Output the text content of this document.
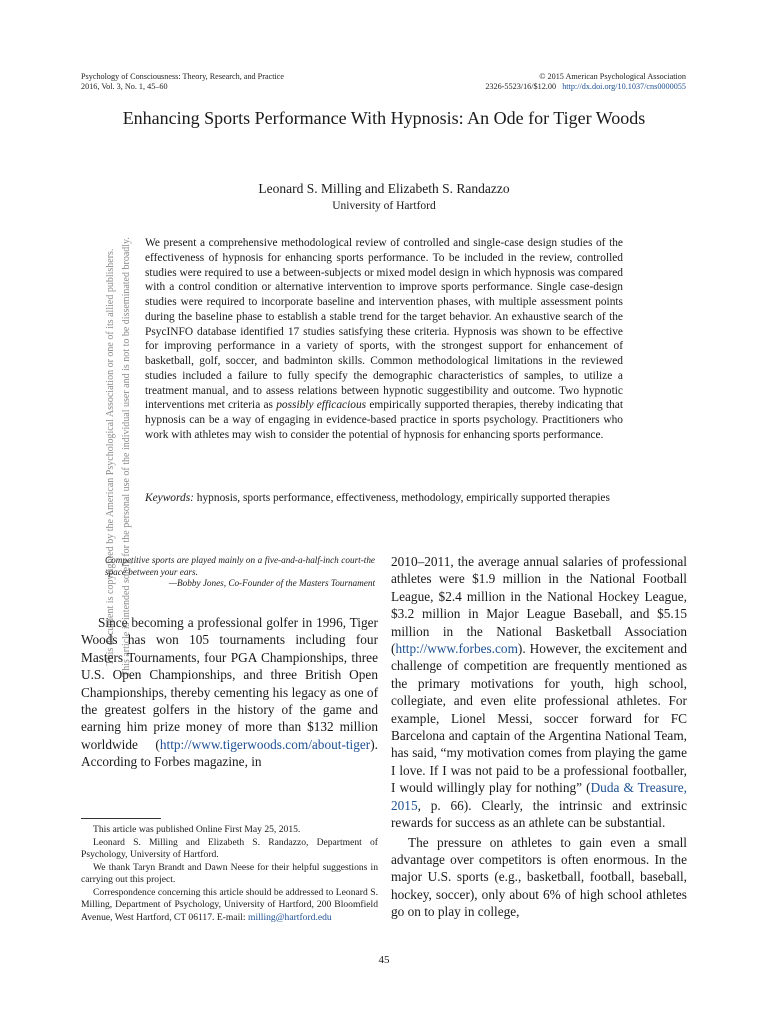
Psychology of Consciousness: Theory, Research, and Practice
2016, Vol. 3, No. 1, 45–60
© 2015 American Psychological Association
2326-5523/16/$12.00 http://dx.doi.org/10.1037/cns0000055
This document is copyrighted by the American Psychological Association or one of its allied publishers. This article is intended solely for the personal use of the individual user and is not to be disseminated broadly.
Enhancing Sports Performance With Hypnosis: An Ode for Tiger Woods
Leonard S. Milling and Elizabeth S. Randazzo
University of Hartford

We present a comprehensive methodological review of controlled and single-case design studies of the effectiveness of hypnosis for enhancing sports performance. To be included in the review, controlled studies were required to use a between-subjects or mixed model design in which hypnosis was compared with a control condition or alternative intervention to improve sports performance. Single case-design studies were required to incorporate baseline and intervention phases, with multiple assessment points during the baseline phase to establish a stable trend for the target behavior. An exhaustive search of the PsycINFO database identified 17 studies satisfying these criteria. Hypnosis was shown to be effective for improving performance in a variety of sports, with the strongest support for enhancement of basketball, golf, soccer, and badminton skills. Common methodological limitations in the reviewed studies included a failure to fully specify the demographic characteristics of samples, to utilize a treatment manual, and to assess relations between hypnotic suggestibility and outcome. Two hypnotic interventions met criteria as possibly efficacious empirically supported therapies, thereby indicating that hypnosis can be a way of engaging in evidence-based practice in sports psychology. Practitioners who work with athletes may wish to consider the potential of hypnosis for enhancing sports performance.

Keywords: hypnosis, sports performance, effectiveness, methodology, empirically supported therapies
Competitive sports are played mainly on a five-and-a-half-inch court-the space between your ears.
—Bobby Jones, Co-Founder of the Masters Tournament

Since becoming a professional golfer in 1996, Tiger Woods has won 105 tournaments including four Masters Tournaments, four PGA Championships, three U.S. Open Championships, and three British Open Championships, thereby cementing his legacy as one of the greatest golfers in the history of the game and earning him prize money of more than $132 million worldwide (http://www.tigerwoods.com/about-tiger). According to Forbes magazine, in

2010–2011, the average annual salaries of professional athletes were $1.9 million in the National Football League, $2.4 million in the National Hockey League, $3.2 million in Major League Baseball, and $5.15 million in the National Basketball Association (http://www.forbes.com). However, the excitement and challenge of competition are frequently mentioned as the primary motivations for youth, high school, collegiate, and even elite professional athletes. For example, Lionel Messi, soccer forward for FC Barcelona and captain of the Argentina National Team, has said, “my motivation comes from playing the game I love. If I was not paid to be a professional footballer, I would willingly play for nothing” (Duda & Treasure, 2015, p. 66). Clearly, the intrinsic and extrinsic rewards for success as an athlete can be substantial.

The pressure on athletes to gain even a small advantage over competitors is often enormous. In the major U.S. sports (e.g., basketball, football, baseball, hockey, soccer), only about 6% of high school athletes go on to play in college,

This article was published Online First May 25, 2015.

Leonard S. Milling and Elizabeth S. Randazzo, Department of Psychology, University of Hartford.

We thank Taryn Brandt and Dawn Neese for their helpful suggestions in carrying out this project.

Correspondence concerning this article should be addressed to Leonard S. Milling, Department of Psychology, University of Hartford, 200 Bloomfield Avenue, West Hartford, CT 06117. E-mail: milling@hartford.edu

45
